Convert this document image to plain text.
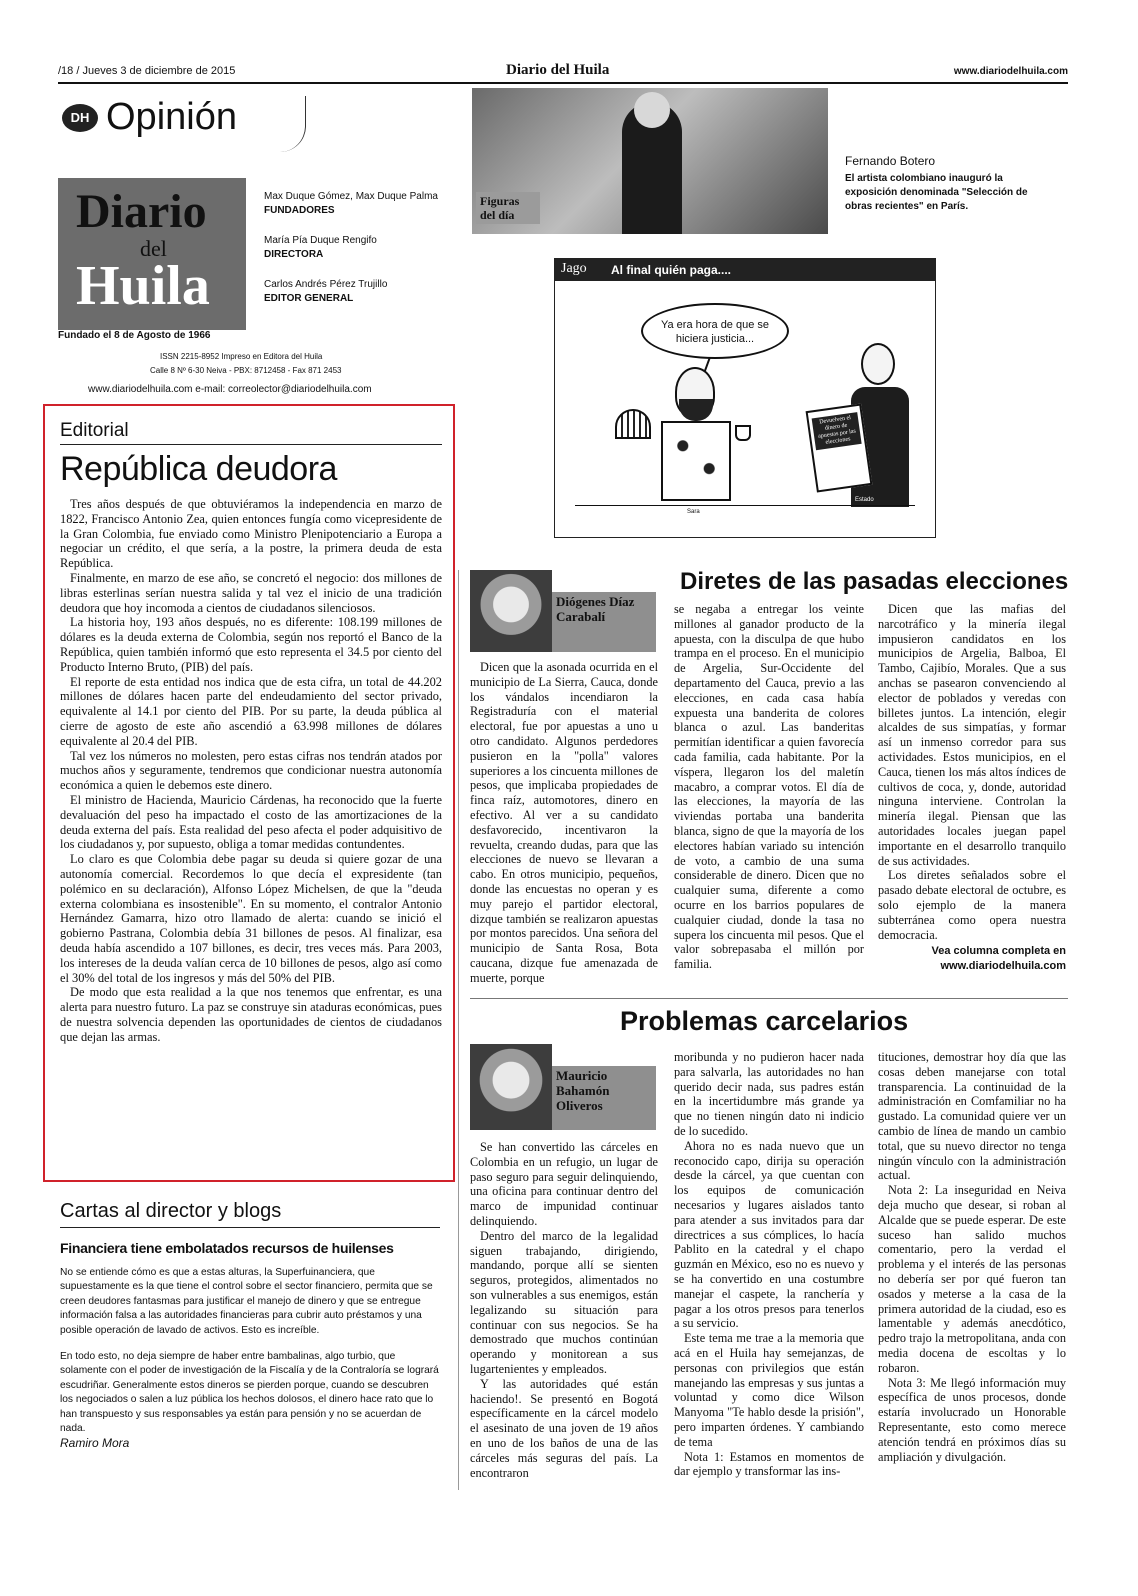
/18 / Jueves 3 de diciembre de 2015	Diario del Huila	www.diariodelhuila.com
DH Opinión
Diario
del
Huila
Max Duque Gómez, Max Duque Palma
FUNDADORES
María Pía Duque Rengifo
DIRECTORA
Carlos Andrés Pérez Trujillo
EDITOR GENERAL
Fundado el 8 de Agosto de 1966
ISSN 2215-8952 Impreso en Editora del Huila
Calle 8 Nº 6-30 Neiva - PBX: 8712458 - Fax 871 2453
www.diariodelhuila.com e-mail: correolector@diariodelhuila.com
Figuras del día
Fernando Botero
El artista colombiano inauguró la exposición denominada "Selección de obras recientes" en París.
Jago Al final quién paga....
Ya era hora de que se hiciera justicia...
Sara
Devuelven el dinero de apuestas por las elecciones
Estado
Editorial
República deudora

Tres años después de que obtuviéramos la independencia en marzo de 1822, Francisco Antonio Zea, quien entonces fungía como vicepresidente de la Gran Colombia, fue enviado como Ministro Plenipotenciario a Europa a negociar un crédito, el que sería, a la postre, la primera deuda de esta República.

Finalmente, en marzo de ese año, se concretó el negocio: dos millones de libras esterlinas serían nuestra salida y tal vez el inicio de una tradición deudora que hoy incomoda a cientos de ciudadanos silenciosos.

La historia hoy, 193 años después, no es diferente: 108.199 millones de dólares es la deuda externa de Colombia, según nos reportó el Banco de la República, quien también informó que esto representa el 34.5 por ciento del Producto Interno Bruto, (PIB) del país.

El reporte de esta entidad nos indica que de esta cifra, un total de 44.202 millones de dólares hacen parte del endeudamiento del sector privado, equivalente al 14.1 por ciento del PIB. Por su parte, la deuda pública al cierre de agosto de este año ascendió a 63.998 millones de dólares equivalente al 20.4 del PIB.

Tal vez los números no molesten, pero estas cifras nos tendrán atados por muchos años y seguramente, tendremos que condicionar nuestra autonomía económica a quien le debemos este dinero.

El ministro de Hacienda, Mauricio Cárdenas, ha reconocido que la fuerte devaluación del peso ha impactado el costo de las amortizaciones de la deuda externa del país. Esta realidad del peso afecta el poder adquisitivo de los ciudadanos y, por supuesto, obliga a tomar medidas contundentes.

Lo claro es que Colombia debe pagar su deuda si quiere gozar de una autonomía comercial. Recordemos lo que decía el expresidente (tan polémico en su declaración), Alfonso López Michelsen, de que la "deuda externa colombiana es insostenible". En su momento, el contralor Antonio Hernández Gamarra, hizo otro llamado de alerta: cuando se inició el gobierno Pastrana, Colombia debía 31 billones de pesos. Al finalizar, esa deuda había ascendido a 107 billones, es decir, tres veces más. Para 2003, los intereses de la deuda valían cerca de 10 billones de pesos, algo así como el 30% del total de los ingresos y más del 50% del PIB.

De modo que esta realidad a la que nos tenemos que enfrentar, es una alerta para nuestro futuro. La paz se construye sin ataduras económicas, pues de nuestra solvencia dependen las oportunidades de cientos de ciudadanos que dejan las armas.

Cartas al director y blogs
Financiera tiene embolatados recursos de huilenses
No se entiende cómo es que a estas alturas, la Superfuinanciera, que supuestamente es la que tiene el control sobre el sector financiero, permita que se creen deudores fantasmas para justificar el manejo de dinero y que se entregue información falsa a las autoridades financieras para cubrir auto préstamos y una posible operación de lavado de activos. Esto es increíble.
En todo esto, no deja siempre de haber entre bambalinas, algo turbio, que solamente con el poder de investigación de la Fiscalía y de la Contraloría se logrará escudriñar. Generalmente estos dineros se pierden porque, cuando se descubren los negociados o salen a luz pública los hechos dolosos, el dinero hace rato que lo han transpuesto y sus responsables ya están para pensión y no se acuerdan de nada.
Ramiro Mora
Diógenes Díaz Carabalí
Diretes de las pasadas elecciones

Dicen que la asonada ocurrida en el municipio de La Sierra, Cauca, donde los vándalos incendiaron la Registraduría con el material electoral, fue por apuestas a uno u otro candidato. Algunos perdedores pusieron en la "polla" valores superiores a los cincuenta millones de pesos, que implicaba propiedades de finca raíz, automotores, dinero en efectivo. Al ver a su candidato desfavorecido, incentivaron la revuelta, creando dudas, para que las elecciones de nuevo se llevaran a cabo. En otros municipio, pequeños, donde las encuestas no operan y es muy parejo el partidor electoral, dizque también se realizaron apuestas por montos parecidos. Una señora del municipio de Santa Rosa, Bota caucana, dizque fue amenazada de muerte, porque

se negaba a entregar los veinte millones al ganador producto de la apuesta, con la disculpa de que hubo trampa en el proceso. En el municipio de Argelia, Sur-Occidente del departamento del Cauca, previo a las elecciones, en cada casa había expuesta una banderita de colores blanca o azul. Las banderitas permitían identificar a quien favorecía cada familia, cada habitante. Por la víspera, llegaron los del maletín macabro, a comprar votos. El día de las elecciones, la mayoría de las viviendas portaba una banderita blanca, signo de que la mayoría de los electores habían variado su intención de voto, a cambio de una suma considerable de dinero. Dicen que no cualquier suma, diferente a como ocurre en los barrios populares de cualquier ciudad, donde la tasa no supera los cincuenta mil pesos. Que el valor sobrepasaba el millón por familia.

Dicen que las mafias del narcotráfico y la minería ilegal impusieron candidatos en los municipios de Argelia, Balboa, El Tambo, Cajibío, Morales. Que a sus anchas se pasearon convenciendo al elector de poblados y veredas con billetes juntos. La intención, elegir alcaldes de sus simpatías, y formar así un inmenso corredor para sus actividades. Estos municipios, en el Cauca, tienen los más altos índices de cultivos de coca, y, donde, autoridad ninguna interviene. Controlan la minería ilegal. Piensan que las autoridades locales juegan papel importante en el desarrollo tranquilo de sus actividades.

Los diretes señalados sobre el pasado debate electoral de octubre, es solo ejemplo de la manera subterránea como opera nuestra democracia.

Vea columna completa en www.diariodelhuila.com
Problemas carcelarios
Mauricio Bahamón Oliveros

Se han convertido las cárceles en Colombia en un refugio, un lugar de paso seguro para seguir delinquiendo, una oficina para continuar dentro del marco de impunidad continuar delinquiendo.

Dentro del marco de la legalidad siguen trabajando, dirigiendo, mandando, porque allí se sienten seguros, protegidos, alimentados no son vulnerables a sus enemigos, están legalizando su situación para continuar con sus negocios. Se ha demostrado que muchos continúan operando y monitorean a sus lugartenientes y empleados.

Y las autoridades qué están haciendo!. Se presentó en Bogotá específicamente en la cárcel modelo el asesinato de una joven de 19 años en uno de los baños de una de las cárceles más seguras del país. La encontraron

moribunda y no pudieron hacer nada para salvarla, las autoridades no han querido decir nada, sus padres están en la incertidumbre más grande ya que no tienen ningún dato ni indicio de lo sucedido.

Ahora no es nada nuevo que un reconocido capo, dirija su operación desde la cárcel, ya que cuentan con los equipos de comunicación necesarios y lugares aislados tanto para atender a sus invitados para dar directrices a sus cómplices, lo hacía Pablito en la catedral y el chapo guzmán en México, eso no es nuevo y se ha convertido en una costumbre manejar el caspete, la ranchería y pagar a los otros presos para tenerlos a su servicio.

Este tema me trae a la memoria que acá en el Huila hay semejanzas, de personas con privilegios que están manejando las empresas y sus juntas a voluntad y como dice Wilson Manyoma "Te hablo desde la prisión", pero imparten órdenes. Y cambiando de tema

Nota 1: Estamos en momentos de dar ejemplo y transformar las ins-

tituciones, demostrar hoy día que las cosas deben manejarse con total transparencia. La continuidad de la administración en Comfamiliar no ha gustado. La comunidad quiere ver un cambio de línea de mando un cambio total, que su nuevo director no tenga ningún vínculo con la administración actual.

Nota 2: La inseguridad en Neiva deja mucho que desear, si roban al Alcalde que se puede esperar. De este suceso han salido muchos comentario, pero la verdad el problema y el interés de las personas no debería ser por qué fueron tan osados y meterse a la casa de la primera autoridad de la ciudad, eso es lamentable y además anecdótico, pedro trajo la metropolitana, anda con media docena de escoltas y lo robaron.

Nota 3: Me llegó información muy específica de unos procesos, donde estaría involucrado un Honorable Representante, esto como merece atención tendrá en próximos días su ampliación y divulgación.
